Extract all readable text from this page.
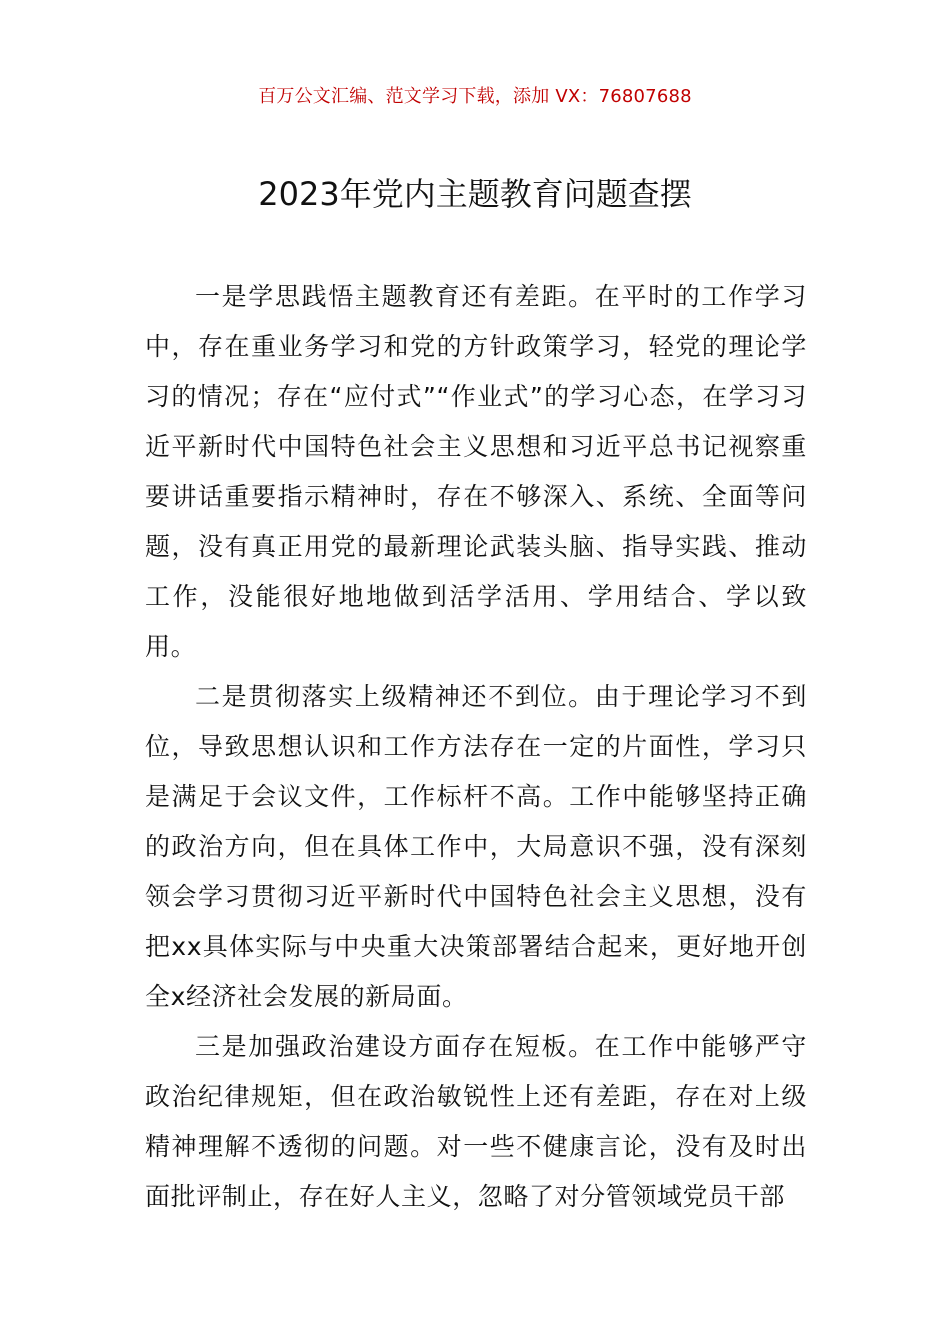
百万公文汇编、范文学习下载，添加 VX：76807688
2023年党内主题教育问题查摆

一是学思践悟主题教育还有差距。在平时的工作学习中，存在重业务学习和党的方针政策学习，轻党的理论学习的情况；存在“应付式”“作业式”的学习心态，在学习习近平新时代中国特色社会主义思想和习近平总书记视察重要讲话重要指示精神时，存在不够深入、系统、全面等问题，没有真正用党的最新理论武装头脑、指导实践、推动工作，没能很好地地做到活学活用、学用结合、学以致用。

二是贯彻落实上级精神还不到位。由于理论学习不到位，导致思想认识和工作方法存在一定的片面性，学习只是满足于会议文件，工作标杆不高。工作中能够坚持正确的政治方向，但在具体工作中，大局意识不强，没有深刻领会学习贯彻习近平新时代中国特色社会主义思想，没有把xx具体实际与中央重大决策部署结合起来，更好地开创全x经济社会发展的新局面。

三是加强政治建设方面存在短板。在工作中能够严守政治纪律规矩，但在政治敏锐性上还有差距，存在对上级精神理解不透彻的问题。对一些不健康言论，没有及时出面批评制止，存在好人主义，忽略了对分管领域党员干部
